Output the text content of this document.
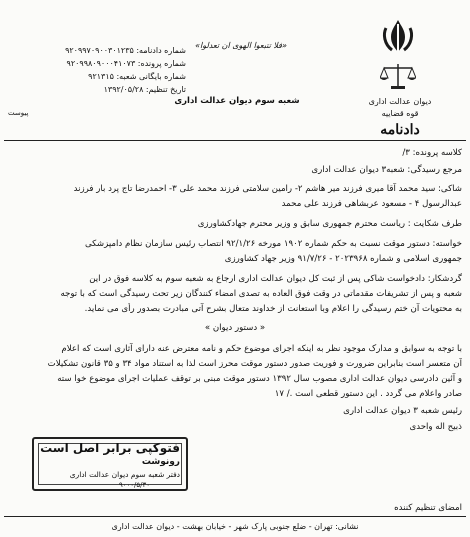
دیوان عدالت اداری
قوه قضاییه
دادنامه
«فلا تتبعوا الهوی ان تعدلوا»
شعبه سوم دیوان عدالت اداری
شماره دادنامه: ۹۲۰۹۹۷۰۹۰۰۳۰۱۲۳۵
شماره پرونده: ۹۲۰۹۹۸۰۹۰۰۰۴۱۰۷۳
شماره بایگانی شعبه: ۹۲۱۳۱۵
تاریخ تنظیم: ۱۳۹۲/۰۵/۲۸
پیوست
کلاسه پرونده: ۳/
مرجع رسیدگی: شعبه۳ دیوان عدالت اداری
شاکی: سید محمد آقا میری فرزند میر هاشم ۲- رامین سلامتی فرزند محمد علی ۳- احمدرضا تاج پرد بار فرزند
عبدالرسول ۴ - مسعود عربشاهی فرزند علی محمد
طرف شکایت : ریاست محترم جمهوری سابق و وزیر محترم جهادکشاورزی
خواسته: دستور موقت نسبت به حکم شماره ۱۹۰۲ مورخه ۹۲/۱/۲۶ انتصاب رئیس سازمان نظام دامپزشکی
جمهوری اسلامی و شماره ۲۰۲۳۹۶۸ - ۹۱/۷/۲۶ وزیر جهاد کشاورزی
گردشکار: دادخواست شاکی پس از ثبت کل دیوان عدالت اداری ارجاع به شعبه سوم به کلاسه فوق در این
شعبه و پس از تشریفات مقدماتی در وقت فوق العاده به تصدی امضاء کنندگان زیر تحت رسیدگی است که با توجه
به محتویات آن ختم رسیدگی را اعلام وبا استعانت از خداوند متعال بشرح آتی مبادرت بصدور رأی می نماید.
« دستور دیوان »
با توجه به سوابق و مدارک موجود نظر به اینکه اجرای موضوع حکم و نامه معترض عنه دارای آثاری است که اعلام
آن متعسر است بنابراین ضرورت و فوریت صدور دستور موقت محرز است لذا به استناد مواد ۳۴ و ۳۵ قانون تشکیلات
و آئین دادرسی دیوان عدالت اداری مصوب سال ۱۳۹۲ دستور موقت مبنی بر توقف عملیات اجرای موضوع خوا سته
صادر واعلام می گردد . این دستور قطعی است ./ ۱۷
رئیس شعبه ۳ دیوان عدالت اداری
ذبیح اله واحدی
فتوکپی برابر اصل است
رونوشت
دفتر شعبه سوم دیوان عدالت اداری
۹۰۰۰/۵/۳۰
امضای تنظیم کننده
نشانی: تهران - ضلع جنوبی پارک شهر - خیابان بهشت - دیوان عدالت اداری
